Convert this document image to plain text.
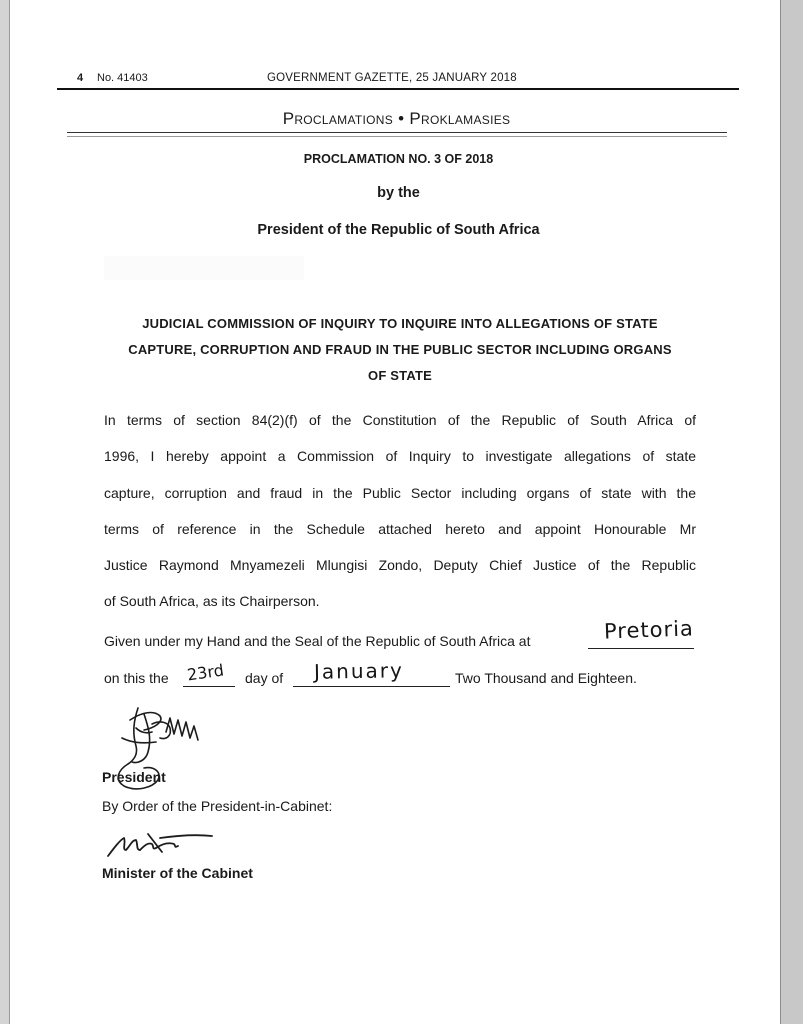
4 No. 41403	GOVERNMENT GAZETTE, 25 JANUARY 2018
Proclamations • Proklamasies
PROCLAMATION NO. 3 OF 2018
by the
President of the Republic of South Africa
JUDICIAL COMMISSION OF INQUIRY TO INQUIRE INTO ALLEGATIONS OF STATE
CAPTURE, CORRUPTION AND FRAUD IN THE PUBLIC SECTOR INCLUDING ORGANS
OF STATE
In terms of section 84(2)(f) of the Constitution of the Republic of South Africa of
1996, I hereby appoint a Commission of Inquiry to investigate allegations of state
capture, corruption and fraud in the Public Sector including organs of state with the
terms of reference in the Schedule attached hereto and appoint Honourable Mr
Justice Raymond Mnyamezeli Mlungisi Zondo, Deputy Chief Justice of the Republic
of South Africa, as its Chairperson.
Given under my Hand and the Seal of the Republic of South Africa at	Pretoria
on this the 23rd day of January	Two Thousand and Eighteen.
President
By Order of the President-in-Cabinet:
Minister of the Cabinet
